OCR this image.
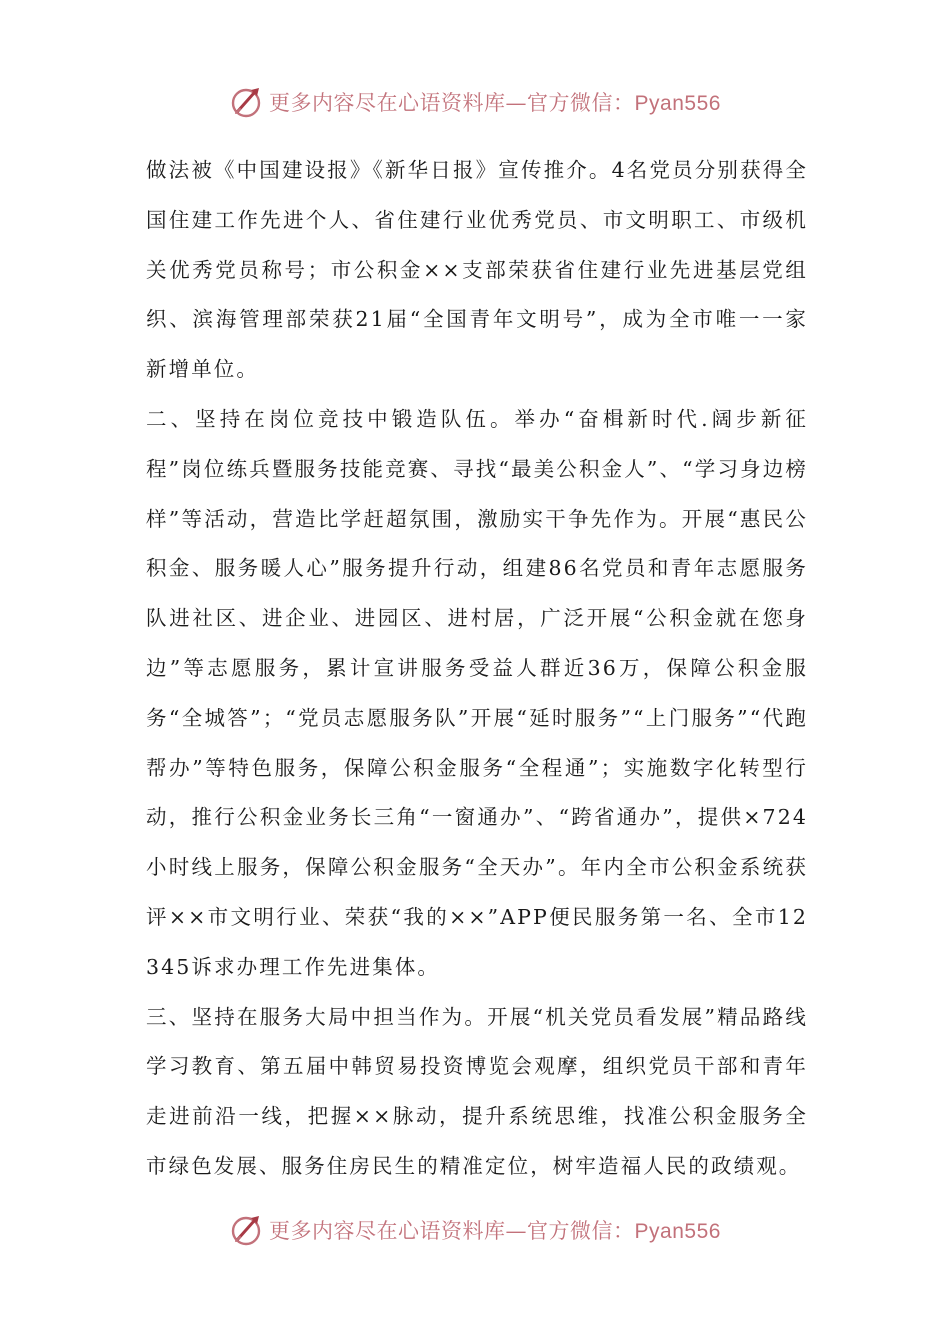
更多内容尽在心语资料库—官方微信：Pyan556

做法被《中国建设报》《新华日报》宣传推介。4名党员分别获得全国住建工作先进个人、省住建行业优秀党员、市文明职工、市级机关优秀党员称号；市公积金××支部荣获省住建行业先进基层党组织、滨海管理部荣获21届“全国青年文明号”，成为全市唯一一家新增单位。

二、坚持在岗位竞技中锻造队伍。举办“奋楫新时代.阔步新征程”岗位练兵暨服务技能竞赛、寻找“最美公积金人”、“学习身边榜样”等活动，营造比学赶超氛围，激励实干争先作为。开展“惠民公积金、服务暖人心”服务提升行动，组建86名党员和青年志愿服务队进社区、进企业、进园区、进村居，广泛开展“公积金就在您身边”等志愿服务，累计宣讲服务受益人群近36万，保障公积金服务“全城答”；“党员志愿服务队”开展“延时服务”“上门服务”“代跑帮办”等特色服务，保障公积金服务“全程通”；实施数字化转型行动，推行公积金业务长三角“一窗通办”、“跨省通办”，提供×724小时线上服务，保障公积金服务“全天办”。年内全市公积金系统获评××市文明行业、荣获“我的××”APP便民服务第一名、全市12345诉求办理工作先进集体。

三、坚持在服务大局中担当作为。开展“机关党员看发展”精品路线学习教育、第五届中韩贸易投资博览会观摩，组织党员干部和青年走进前沿一线，把握××脉动，提升系统思维，找准公积金服务全市绿色发展、服务住房民生的精准定位，树牢造福人民的政绩观。

更多内容尽在心语资料库—官方微信：Pyan556
